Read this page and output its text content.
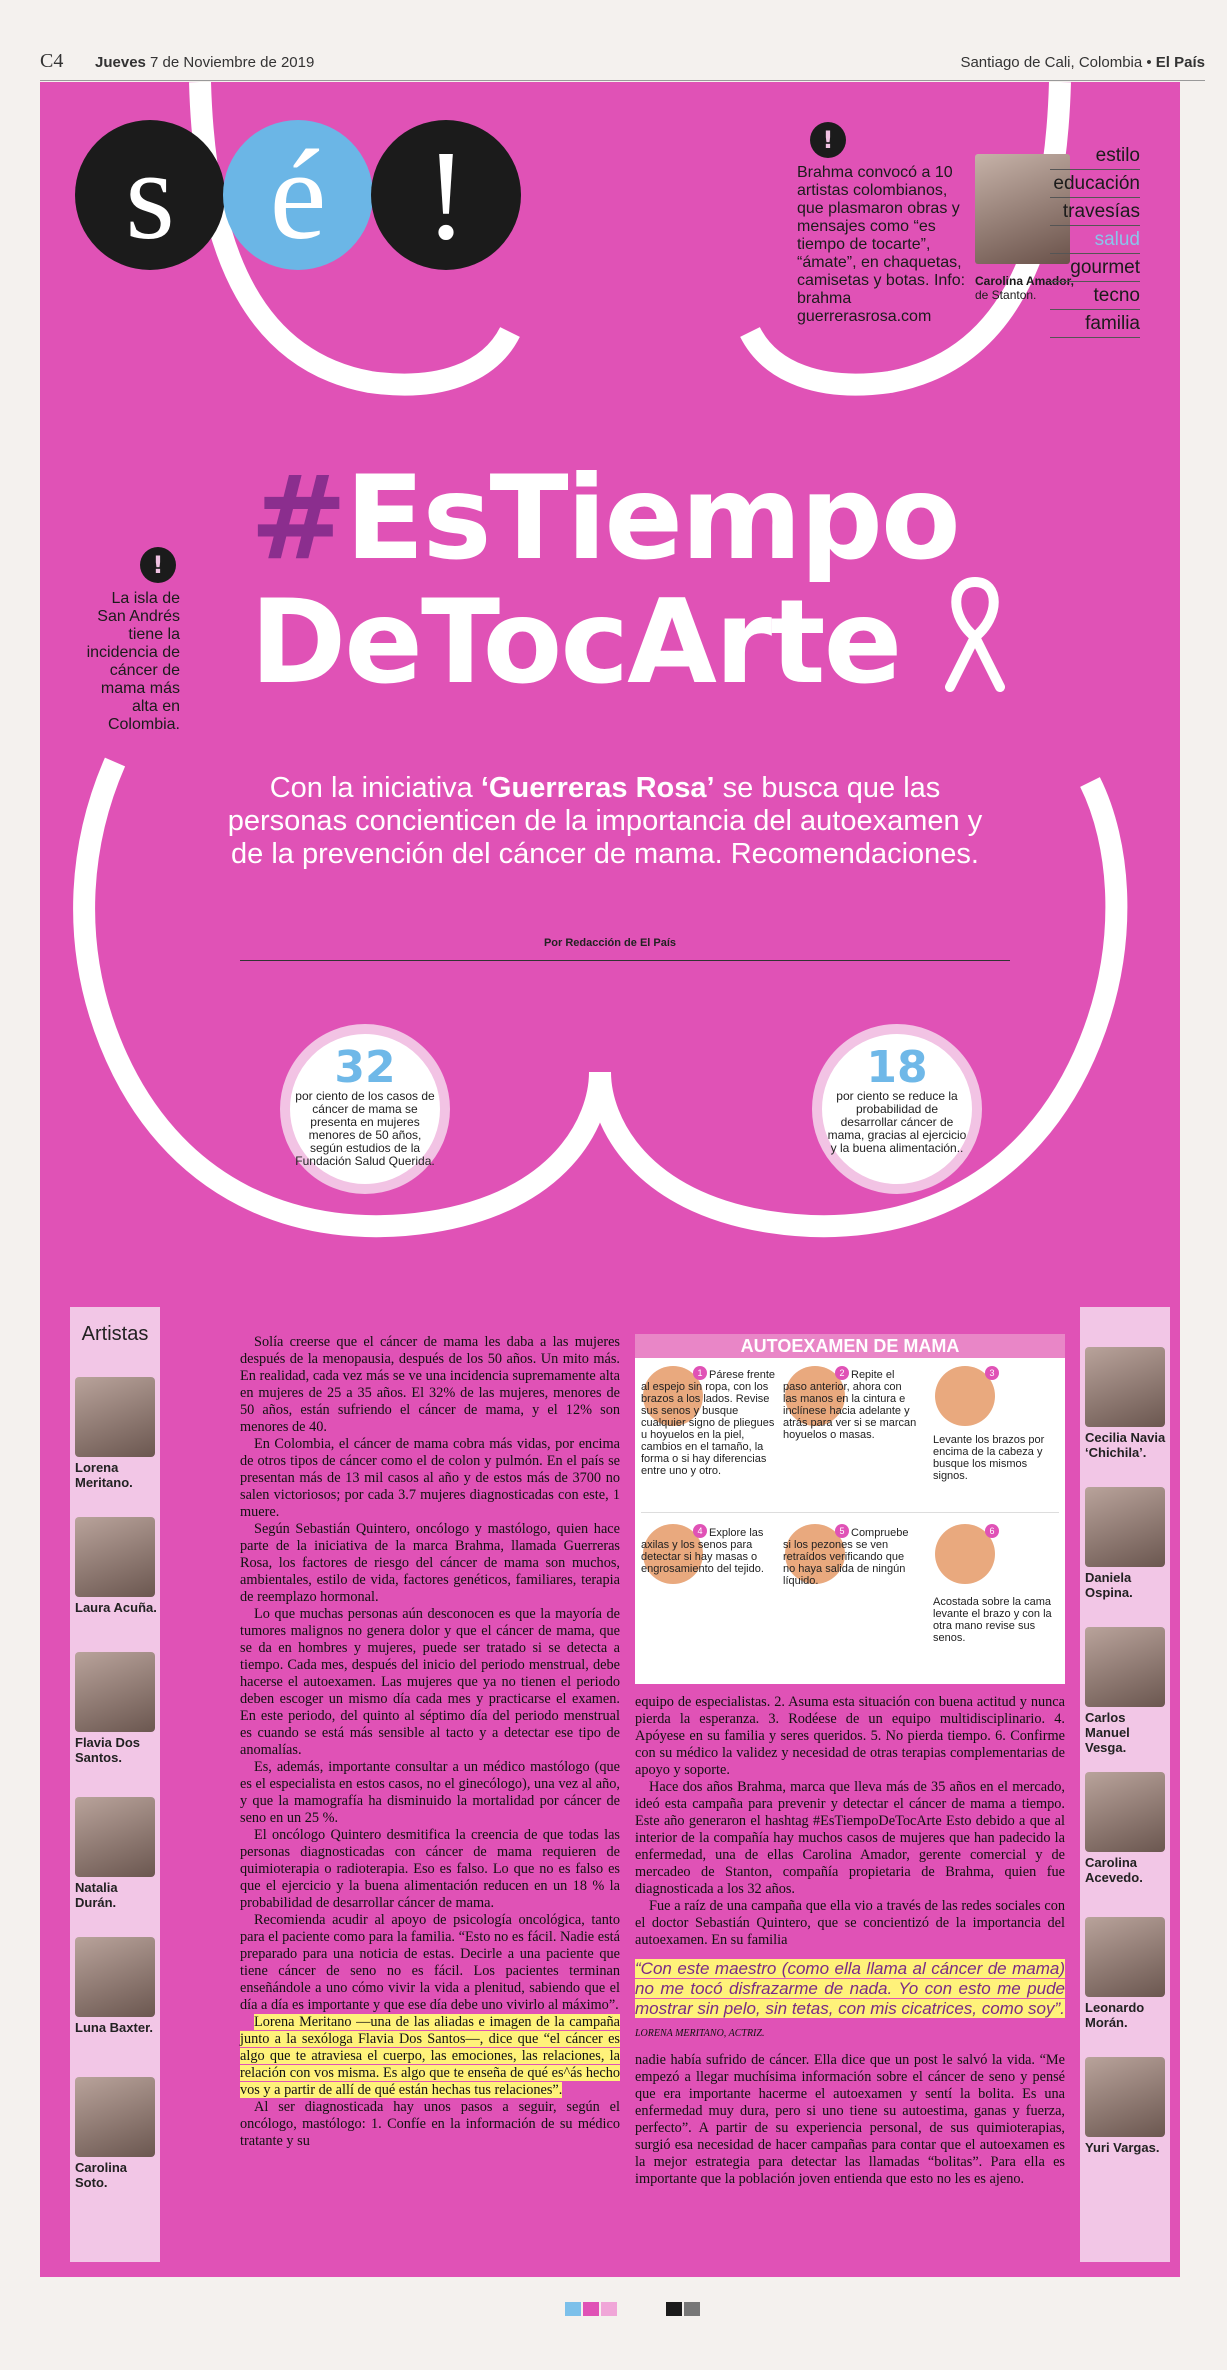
C4 Jueves 7 de Noviembre de 2019	Santiago de Cali, Colombia • El País
s é !	!
Brahma convocó a 10 artistas colombianos, que plasmaron obras y mensajes como “es tiempo de tocarte”, “ámate”, en chaquetas, camisetas y botas. Info: brahma guerrerasrosa.com
Carolina Amador,
de Stanton.
estilo
educación
travesías
salud
gourmet
tecno
familia
!
La isla de San Andrés tiene la incidencia de cáncer de mama más alta en Colombia.
#EsTiempo
DeTocArte
Con la iniciativa ‘Guerreras Rosa’ se busca que las personas concienticen de la importancia del autoexamen y de la prevención del cáncer de mama. Recomendaciones.
Por Redacción de El País
32
por ciento de los casos de cáncer de mama se presenta en mujeres menores de 50 años, según estudios de la Fundación Salud Querida.
18
por ciento se reduce la probabilidad de desarrollar cáncer de mama, gracias al ejercicio y la buena alimentación..
Artistas
Lorena Meritano.
Laura Acuña.
Flavia Dos Santos.
Natalia Durán.
Luna Baxter.
Carolina Soto.
Cecilia Navia ‘Chichila’.
Daniela Ospina.
Carlos Manuel Vesga.
Carolina Acevedo.
Leonardo Morán.
Yuri Vargas.

Solía creerse que el cáncer de mama les daba a las mujeres después de la menopausia, después de los 50 años. Un mito más. En realidad, cada vez más se ve una incidencia supremamente alta en mujeres de 25 a 35 años. El 32% de las mujeres, menores de 50 años, están sufriendo el cáncer de mama, y el 12% son menores de 40.

En Colombia, el cáncer de mama cobra más vidas, por encima de otros tipos de cáncer como el de colon y pulmón. En el país se presentan más de 13 mil casos al año y de estos más de 3700 no salen victoriosos; por cada 3.7 mujeres diagnosticadas con este, 1 muere.

Según Sebastián Quintero, oncólogo y mastólogo, quien hace parte de la iniciativa de la marca Brahma, llamada Guerreras Rosa, los factores de riesgo del cáncer de mama son muchos, ambientales, estilo de vida, factores genéticos, familiares, terapia de reemplazo hormonal.

Lo que muchas personas aún desconocen es que la mayoría de tumores malignos no genera dolor y que el cáncer de mama, que se da en hombres y mujeres, puede ser tratado si se detecta a tiempo. Cada mes, después del inicio del periodo menstrual, debe hacerse el autoexamen. Las mujeres que ya no tienen el periodo deben escoger un mismo día cada mes y practicarse el examen. En este periodo, del quinto al séptimo día del periodo menstrual es cuando se está más sensible al tacto y a detectar ese tipo de anomalías.

Es, además, importante consultar a un médico mastólogo (que es el especialista en estos casos, no el ginecólogo), una vez al año, y que la mamografía ha disminuido la mortalidad por cáncer de seno en un 25 %.

El oncólogo Quintero desmitifica la creencia de que todas las personas diagnosticadas con cáncer de mama requieren de quimioterapia o radioterapia. Eso es falso. Lo que no es falso es que el ejercicio y la buena alimentación reducen en un 18 % la probabilidad de desarrollar cáncer de mama.

Recomienda acudir al apoyo de psicología oncológica, tanto para el paciente como para la familia. “Esto no es fácil. Nadie está preparado para una noticia de estas. Decirle a una paciente que tiene cáncer de seno no es fácil. Los pacientes terminan enseñándole a uno cómo vivir la vida a plenitud, sabiendo que el día a día es importante y que ese día debe uno vivirlo al máximo”.

Lorena Meritano —una de las aliadas e imagen de la campaña junto a la sexóloga Flavia Dos Santos—, dice que “el cáncer es algo que te atraviesa el cuerpo, las emociones, las relaciones, la relación con vos misma. Es algo que te enseña de qué es^ás hecho vos y a partir de allí de qué están hechas tus relaciones”.

Al ser diagnosticada hay unos pasos a seguir, según el oncólogo, mastólogo: 1. Confíe en la información de su médico tratante y su

AUTOEXAMEN DE MAMA
1 Párese frente al espejo sin ropa, con los brazos a los lados. Revise sus senos y busque cualquier signo de pliegues u hoyuelos en la piel, cambios en el tamaño, la forma o si hay diferencias entre uno y otro.
2 Repite el paso anterior, ahora con las manos en la cintura e inclínese hacia adelante y atrás para ver si se marcan hoyuelos o masas.
3
Levante los brazos por encima de la cabeza y busque los mismos signos.
4 Explore las axilas y los senos para detectar si hay masas o engrosamiento del tejido.
5 Compruebe si los pezones se ven retraídos verificando que no haya salida de ningún líquido.
6
Acostada sobre la cama levante el brazo y con la otra mano revise sus senos.

equipo de especialistas. 2. Asuma esta situación con buena actitud y nunca pierda la esperanza. 3. Rodéese de un equipo multidisciplinario. 4. Apóyese en su familia y seres queridos. 5. No pierda tiempo. 6. Confirme con su médico la validez y necesidad de otras terapias complementarias de apoyo y soporte.

Hace dos años Brahma, marca que lleva más de 35 años en el mercado, ideó esta campaña para prevenir y detectar el cáncer de mama a tiempo. Este año generaron el hashtag #EsTiempoDeTocArte Esto debido a que al interior de la compañía hay muchos casos de mujeres que han padecido la enfermedad, una de ellas Carolina Amador, gerente comercial y de mercadeo de Stanton, compañía propietaria de Brahma, quien fue diagnosticada a los 32 años.

Fue a raíz de una campaña que ella vio a través de las redes sociales con el doctor Sebastián Quintero, que se concientizó de la importancia del autoexamen. En su familia

“Con este maestro (como ella llama al cáncer de mama) no me tocó disfrazarme de nada. Yo con esto me pude mostrar sin pelo, sin tetas, con mis cicatrices, como soy”.
LORENA MERITANO, ACTRIZ.

nadie había sufrido de cáncer. Ella dice que un post le salvó la vida. “Me empezó a llegar muchísima información sobre el cáncer de seno y pensé que era importante hacerme el autoexamen y sentí la bolita. Es una enfermedad muy dura, pero si uno tiene su autoestima, ganas y fuerza, perfecto”. A partir de su experiencia personal, de sus quimioterapias, surgió esa necesidad de hacer campañas para contar que el autoexamen es la mejor estrategia para detectar las llamadas “bolitas”. Para ella es importante que la población joven entienda que esto no les es ajeno.
